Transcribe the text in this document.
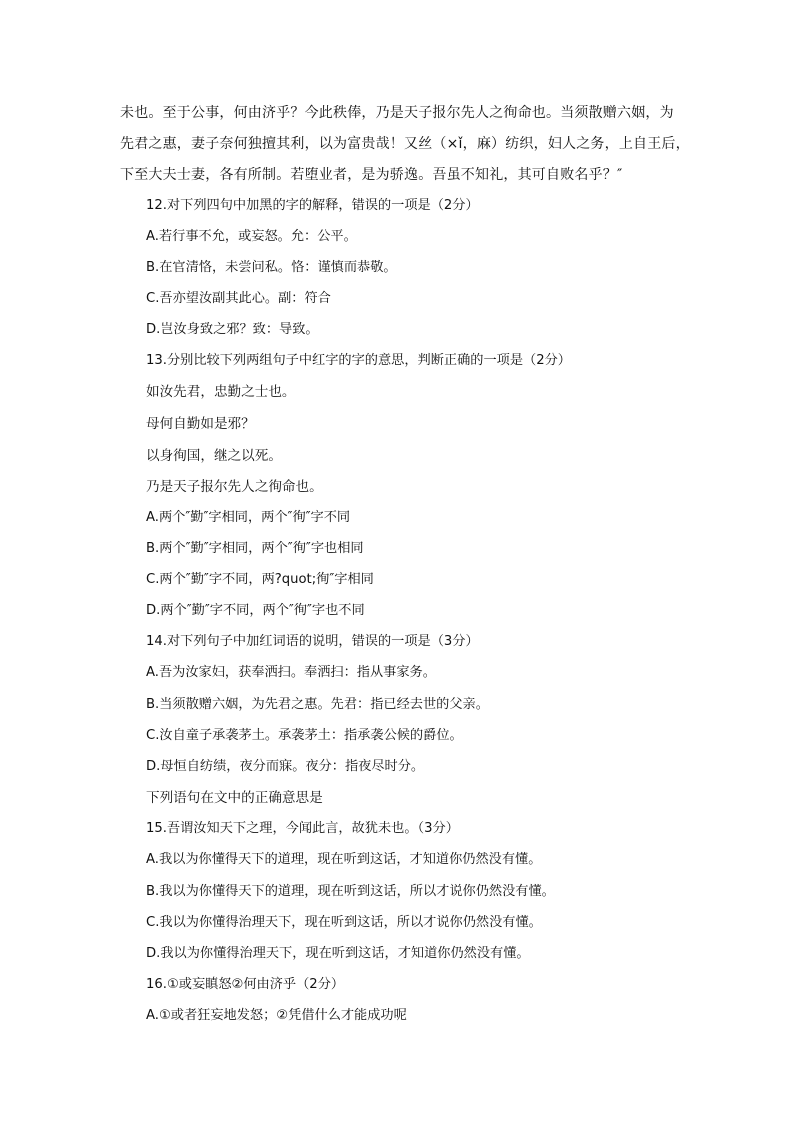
未也。至于公事，何由济乎？今此秩俸，乃是天子报尔先人之徇命也。当须散赠六姻，为
先君之惠，妻子奈何独擅其利，以为富贵哉！又丝（×ǐ，麻）纺织，妇人之务，上自王后，
下至大夫士妻，各有所制。若堕业者，是为骄逸。吾虽不知礼，其可自败名乎？″
12.对下列四句中加黑的字的解释，错误的一项是（2分）
A.若行事不允，或妄怒。允：公平。
B.在官清恪，未尝问私。恪：谨慎而恭敬。
C.吾亦望汝副其此心。副：符合
D.岂汝身致之邪？致：导致。
13.分别比较下列两组句子中红字的字的意思，判断正确的一项是（2分）
如汝先君，忠勤之士也。
母何自勤如是邪？
以身徇国，继之以死。
乃是天子报尔先人之徇命也。
A.两个″勤″字相同，两个″徇″字不同
B.两个″勤″字相同，两个″徇″字也相同
C.两个″勤″字不同，两?quot;徇″字相同
D.两个″勤″字不同，两个″徇″字也不同
14.对下列句子中加红词语的说明，错误的一项是（3分）
A.吾为汝家妇，获奉洒扫。奉洒扫：指从事家务。
B.当须散赠六姻，为先君之惠。先君：指已经去世的父亲。
C.汝自童子承袭茅土。承袭茅土：指承袭公候的爵位。
D.母恒自纺绩，夜分而寐。夜分：指夜尽时分。
下列语句在文中的正确意思是
15.吾谓汝知天下之理，今闻此言，故犹未也。（3分）
A.我以为你懂得天下的道理，现在听到这话，才知道你仍然没有懂。
B.我以为你懂得天下的道理，现在听到这话，所以才说你仍然没有懂。
C.我以为你懂得治理天下，现在听到这话，所以才说你仍然没有懂。
D.我以为你懂得治理天下，现在听到这话，才知道你仍然没有懂。
16.①或妄瞋怒②何由济乎（2分）
A.①或者狂妄地发怒；②凭借什么才能成功呢
